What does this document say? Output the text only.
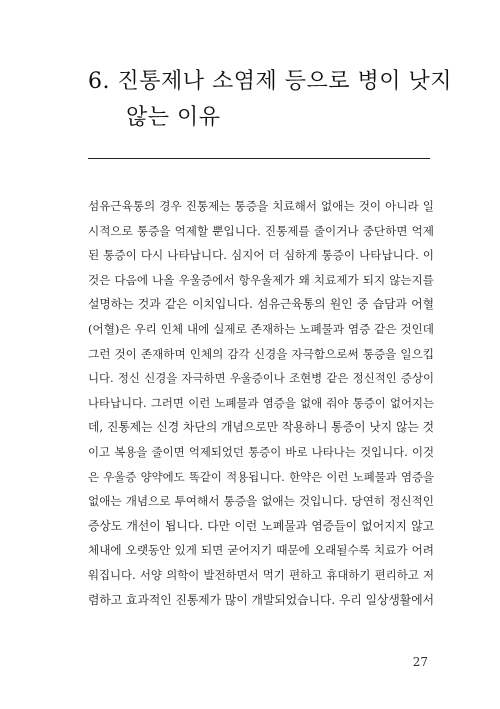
6. 진통제나 소염제 등으로 병이 낫지
않는 이유
섬유근육통의 경우 진통제는 통증을 치료해서 없애는 것이 아니라 일
시적으로 통증을 억제할 뿐입니다. 진통제를 줄이거나 중단하면 억제
된 통증이 다시 나타납니다. 심지어 더 심하게 통증이 나타납니다. 이
것은 다음에 나올 우울증에서 항우울제가 왜 치료제가 되지 않는지를
설명하는 것과 같은 이치입니다. 섬유근육통의 원인 중 습담과 어혈
(어혈)은 우리 인체 내에 실제로 존재하는 노폐물과 염증 같은 것인데
그런 것이 존재하며 인체의 감각 신경을 자극함으로써 통증을 일으킵
니다. 정신 신경을 자극하면 우울증이나 조현병 같은 정신적인 증상이
나타납니다. 그러면 이런 노폐물과 염증을 없애 줘야 통증이 없어지는
데, 진통제는 신경 차단의 개념으로만 작용하니 통증이 낫지 않는 것
이고 복용을 줄이면 억제되었던 통증이 바로 나타나는 것입니다. 이것
은 우울증 양약에도 똑같이 적용됩니다. 한약은 이런 노폐물과 염증을
없애는 개념으로 투여해서 통증을 없애는 것입니다. 당연히 정신적인
증상도 개선이 됩니다. 다만 이런 노폐물과 염증들이 없어지지 않고
체내에 오랫동안 있게 되면 굳어지기 때문에 오래될수록 치료가 어려
워집니다. 서양 의학이 발전하면서 먹기 편하고 휴대하기 편리하고 저
렴하고 효과적인 진통제가 많이 개발되었습니다. 우리 일상생활에서
27
